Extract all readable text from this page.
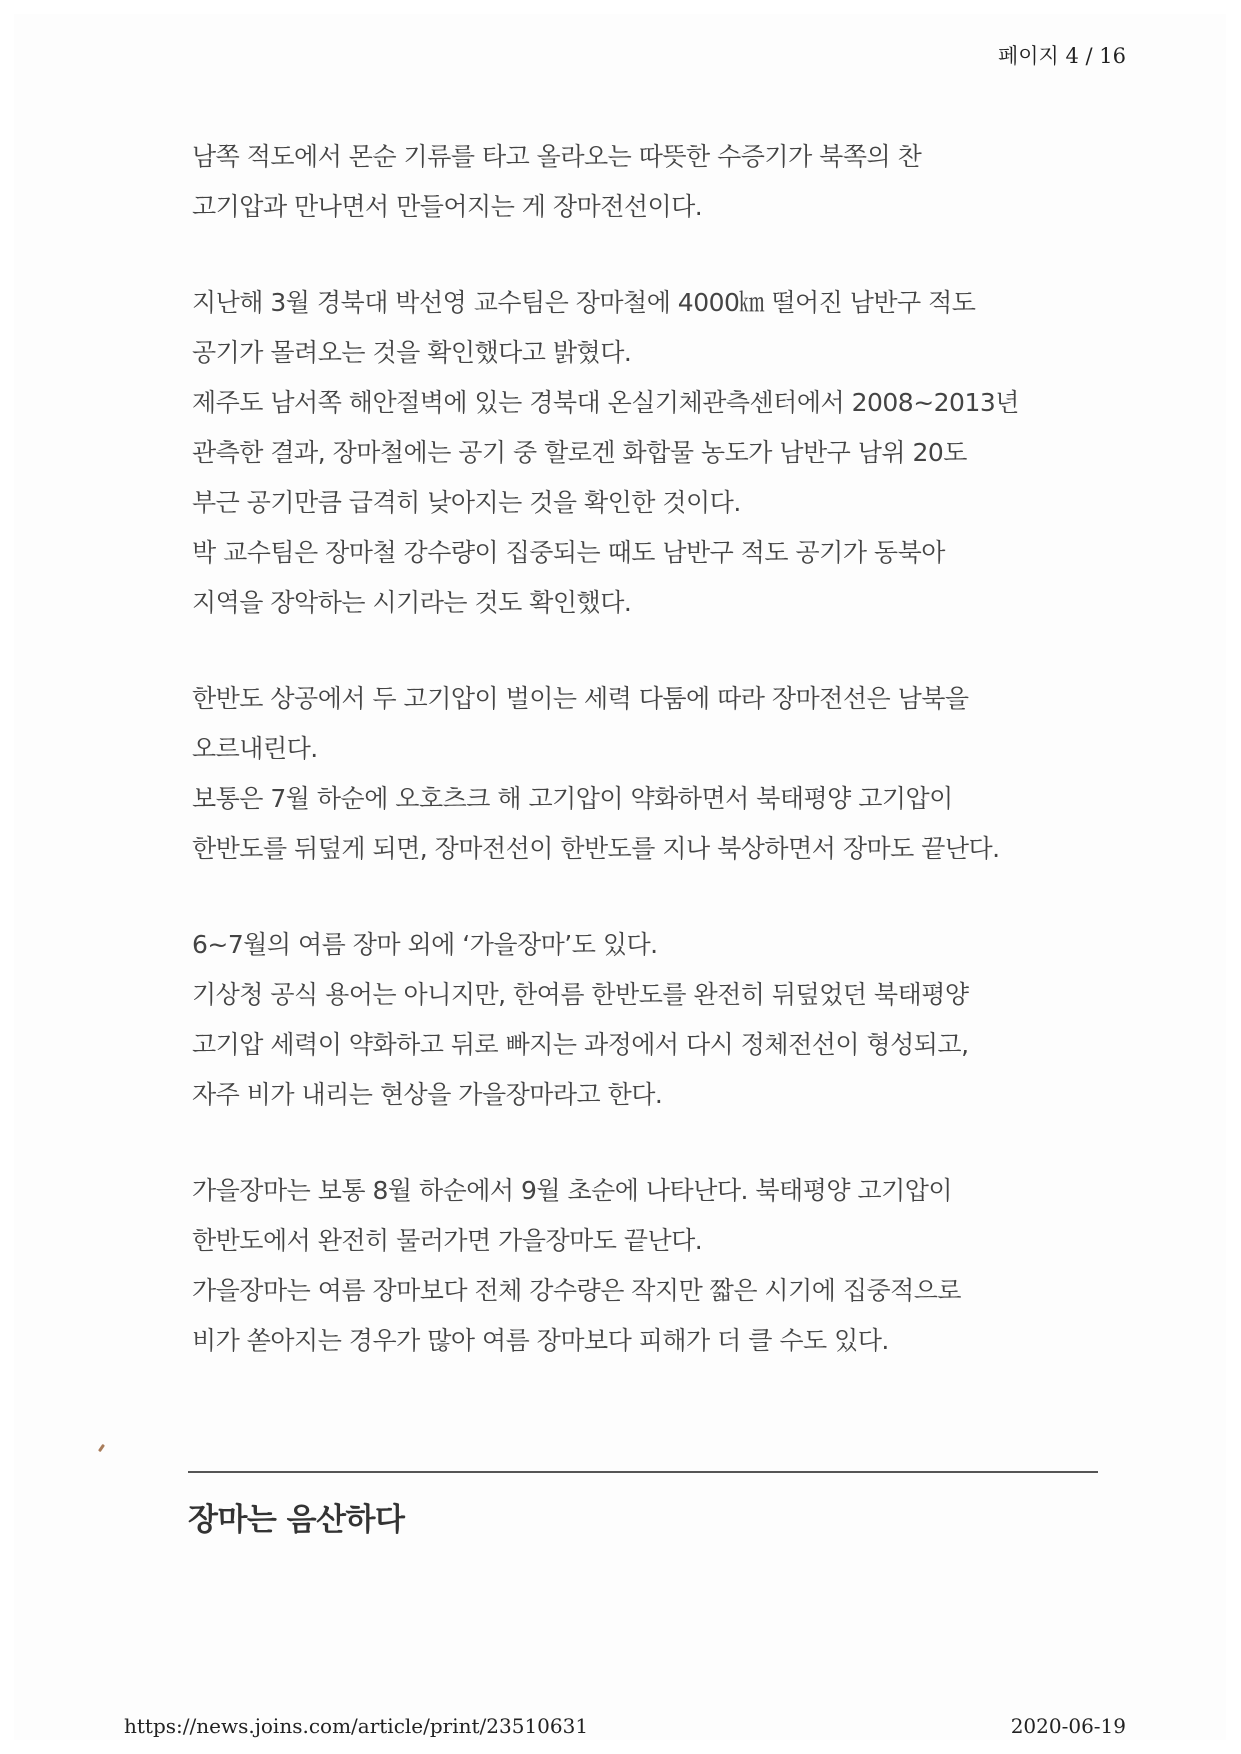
페이지 4 / 16
남쪽 적도에서 몬순 기류를 타고 올라오는 따뜻한 수증기가 북쪽의 찬
고기압과 만나면서 만들어지는 게 장마전선이다.
지난해 3월 경북대 박선영 교수팀은 장마철에 4000㎞ 떨어진 남반구 적도
공기가 몰려오는 것을 확인했다고 밝혔다.
제주도 남서쪽 해안절벽에 있는 경북대 온실기체관측센터에서 2008~2013년
관측한 결과, 장마철에는 공기 중 할로겐 화합물 농도가 남반구 남위 20도
부근 공기만큼 급격히 낮아지는 것을 확인한 것이다.
박 교수팀은 장마철 강수량이 집중되는 때도 남반구 적도 공기가 동북아
지역을 장악하는 시기라는 것도 확인했다.
한반도 상공에서 두 고기압이 벌이는 세력 다툼에 따라 장마전선은 남북을
오르내린다.
보통은 7월 하순에 오호츠크 해 고기압이 약화하면서 북태평양 고기압이
한반도를 뒤덮게 되면, 장마전선이 한반도를 지나 북상하면서 장마도 끝난다.
6~7월의 여름 장마 외에 ‘가을장마’도 있다.
기상청 공식 용어는 아니지만, 한여름 한반도를 완전히 뒤덮었던 북태평양
고기압 세력이 약화하고 뒤로 빠지는 과정에서 다시 정체전선이 형성되고,
자주 비가 내리는 현상을 가을장마라고 한다.
가을장마는 보통 8월 하순에서 9월 초순에 나타난다. 북태평양 고기압이
한반도에서 완전히 물러가면 가을장마도 끝난다.
가을장마는 여름 장마보다 전체 강수량은 작지만 짧은 시기에 집중적으로
비가 쏟아지는 경우가 많아 여름 장마보다 피해가 더 클 수도 있다.
장마는 음산하다
https://news.joins.com/article/print/23510631	2020-06-19
